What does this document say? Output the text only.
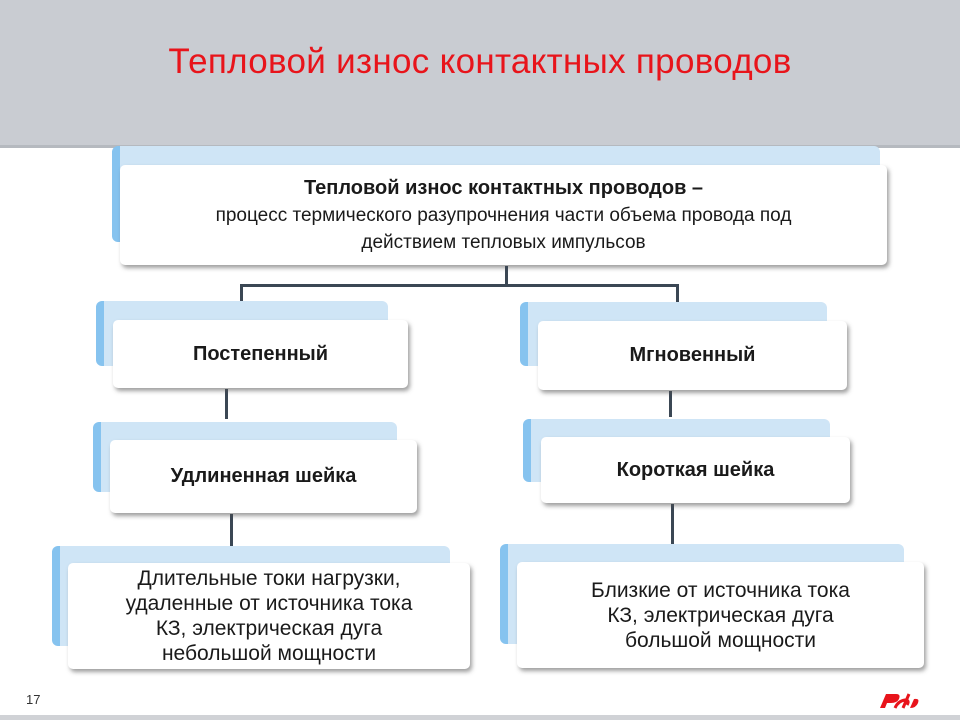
Тепловой износ контактных проводов
Тепловой износ контактных проводов –
процесс термического разупрочнения части объема провода под
действием тепловых импульсов
Постепенный	Мгновенный
Удлиненная шейка	Короткая шейка
Длительные токи нагрузки,
удаленные от источника тока
КЗ, электрическая дуга
небольшой мощности
Близкие от источника тока
КЗ, электрическая дуга
большой мощности
17
